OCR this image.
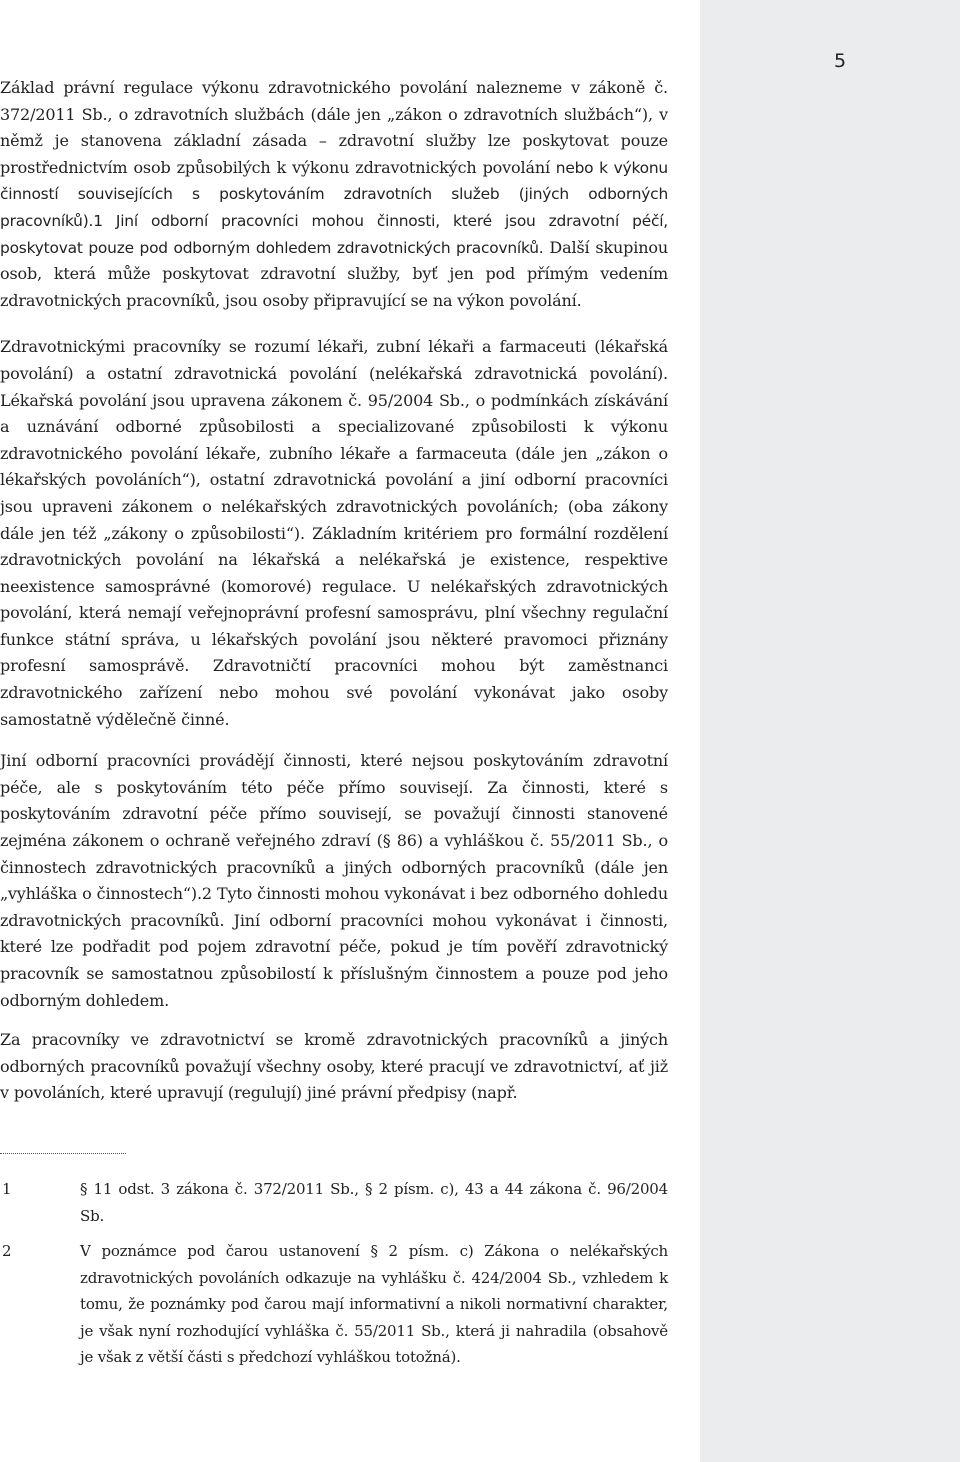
5

Základ právní regulace výkonu zdravotnického povolání nalezneme v zákoně č. 372/2011 Sb., o zdravotních službách (dále jen „zákon o zdravotních službách“), v němž je stanovena základní zásada – zdravotní služby lze poskytovat pouze prostřednictvím osob způsobilých k výkonu zdravotnických povolání nebo k výkonu činností souvisejících s poskytováním zdravotních služeb (jiných odborných pracovníků).1 Jiní odborní pracovníci mohou činnosti, které jsou zdravotní péčí, poskytovat pouze pod odborným dohledem zdravotnických pracovníků. Další skupinou osob, která může poskytovat zdravotní služby, byť jen pod přímým vedením zdravotnických pracovníků, jsou osoby připravující se na výkon povolání.

Zdravotnickými pracovníky se rozumí lékaři, zubní lékaři a farmaceuti (lékařská povolání) a ostatní zdravotnická povolání (nelékařská zdravotnická povolání). Lékařská povolání jsou upravena zákonem č. 95/2004 Sb., o podmínkách získávání a uznávání odborné způsobilosti a specializované způsobilosti k výkonu zdravotnického povolání lékaře, zubního lékaře a farmaceuta (dále jen „zákon o lékařských povoláních“), ostatní zdravotnická povolání a jiní odborní pracovníci jsou upraveni zákonem o nelékařských zdravotnických povoláních; (oba zákony dále jen též „zákony o způsobilosti“). Základním kritériem pro formální rozdělení zdravotnických povolání na lékařská a nelékařská je existence, respektive neexistence samosprávné (komorové) regulace. U nelékařských zdravotnických povolání, která nemají veřejnoprávní profesní samosprávu, plní všechny regulační funkce státní správa, u lékařských povolání jsou některé pravomoci přiznány profesní samosprávě. Zdravotničtí pracovníci mohou být zaměstnanci zdravotnického zařízení nebo mohou své povolání vykonávat jako osoby samostatně výdělečně činné.

Jiní odborní pracovníci provádějí činnosti, které nejsou poskytováním zdravotní péče, ale s poskytováním této péče přímo souvisejí. Za činnosti, které s poskytováním zdravotní péče přímo souvisejí, se považují činnosti stanovené zejména zákonem o ochraně veřejného zdraví (§ 86) a vyhláškou č. 55/2011 Sb., o činnostech zdravotnických pracovníků a jiných odborných pracovníků (dále jen „vyhláška o činnostech“).2 Tyto činnosti mohou vykonávat i bez odborného dohledu zdravotnických pracovníků. Jiní odborní pracovníci mohou vykonávat i činnosti, které lze podřadit pod pojem zdravotní péče, pokud je tím pověří zdravotnický pracovník se samostatnou způsobilostí k příslušným činnostem a pouze pod jeho odborným dohledem.

Za pracovníky ve zdravotnictví se kromě zdravotnických pracovníků a jiných odborných pracovníků považují všechny osoby, které pracují ve zdravotnictví, ať již v povoláních, které upravují (regulují) jiné právní předpisy (např.

1	§ 11 odst. 3 zákona č. 372/2011 Sb., § 2 písm. c), 43 a 44 zákona č. 96/2004 Sb.
2	V poznámce pod čarou ustanovení § 2 písm. c) Zákona o nelékařských zdravotnických povoláních odkazuje na vyhlášku č. 424/2004 Sb., vzhledem k tomu, že poznámky pod čarou mají informativní a nikoli normativní charakter, je však nyní rozhodující vyhláška č. 55/2011 Sb., která ji nahradila (obsahově je však z větší části s předchozí vyhláškou totožná).
